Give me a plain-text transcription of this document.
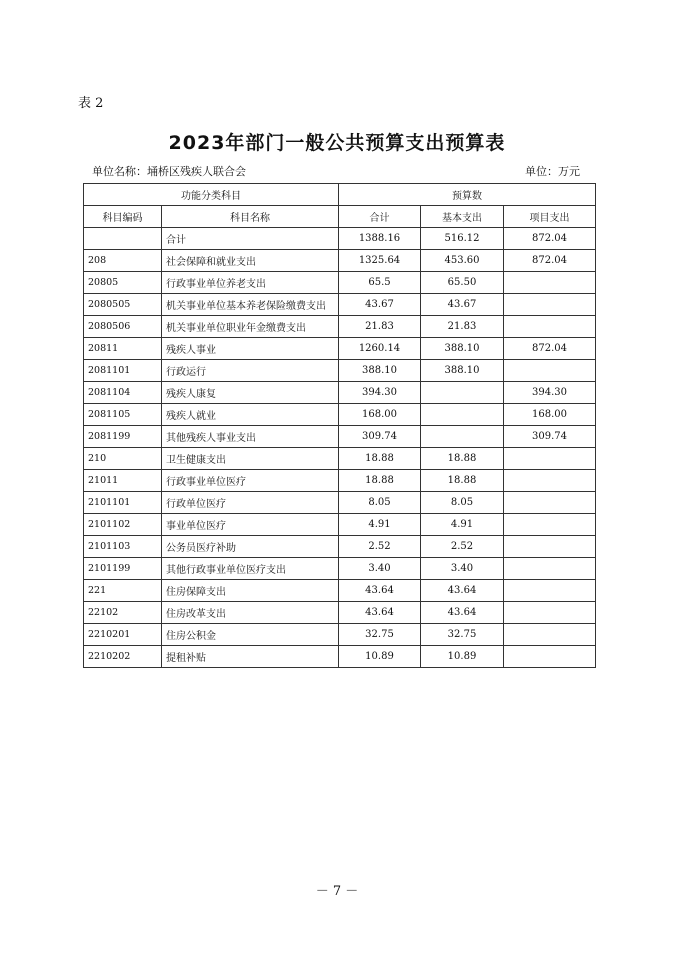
表 2
2023年部门一般公共预算支出预算表
单位名称：埇桥区残疾人联合会	单位：万元
功能分类科目		预算数		
科目编码	科目名称	合计	基本支出	项目支出
	合计	1388.16	516.12	872.04
208	社会保障和就业支出	1325.64	453.60	872.04
20805	行政事业单位养老支出	65.5	65.50	
2080505	机关事业单位基本养老保险缴费支出	43.67	43.67	
2080506	机关事业单位职业年金缴费支出	21.83	21.83	
20811	残疾人事业	1260.14	388.10	872.04
2081101	行政运行	388.10	388.10	
2081104	残疾人康复	394.30		394.30
2081105	残疾人就业	168.00		168.00
2081199	其他残疾人事业支出	309.74		309.74
210	卫生健康支出	18.88	18.88	
21011	行政事业单位医疗	18.88	18.88	
2101101	行政单位医疗	8.05	8.05	
2101102	事业单位医疗	4.91	4.91	
2101103	公务员医疗补助	2.52	2.52	
2101199	其他行政事业单位医疗支出	3.40	3.40	
221	住房保障支出	43.64	43.64	
22102	住房改革支出	43.64	43.64	
2210201	住房公积金	32.75	32.75	
2210202	提租补贴	10.89	10.89	
－ 7 －
